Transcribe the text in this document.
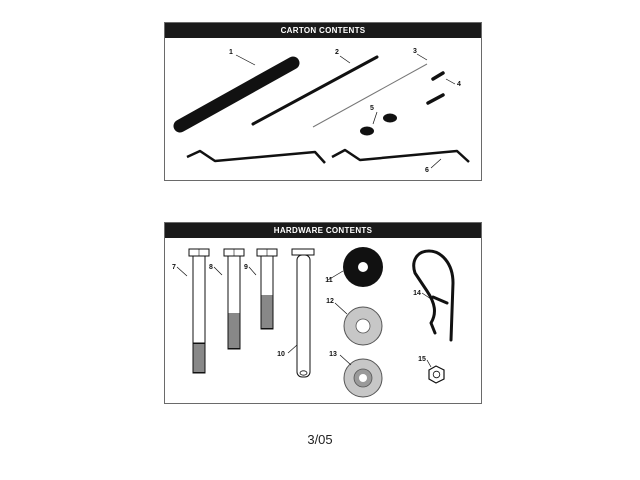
CARTON CONTENTS
1	2	3
4
5
6
HARDWARE CONTENTS
7	8	9
10
11
12
13
14
15
3/05
